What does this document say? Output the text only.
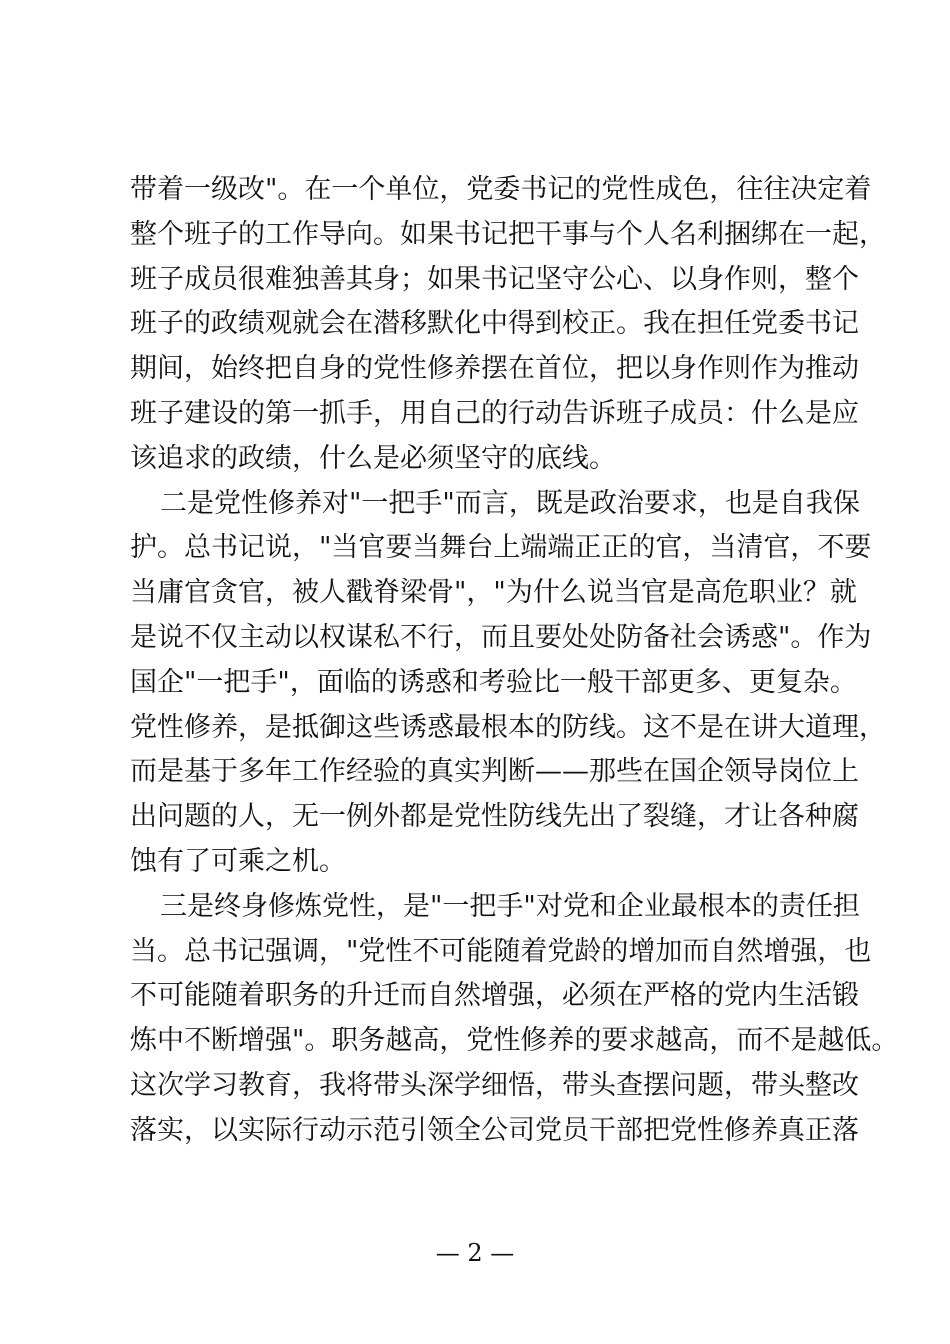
带着一级改"。在一个单位，党委书记的党性成色，往往决定着
整个班子的工作导向。如果书记把干事与个人名利捆绑在一起，
班子成员很难独善其身；如果书记坚守公心、以身作则，整个
班子的政绩观就会在潜移默化中得到校正。我在担任党委书记
期间，始终把自身的党性修养摆在首位，把以身作则作为推动
班子建设的第一抓手，用自己的行动告诉班子成员：什么是应
该追求的政绩，什么是必须坚守的底线。
二是党性修养对"一把手"而言，既是政治要求，也是自我保
护。总书记说，"当官要当舞台上端端正正的官，当清官，不要
当庸官贪官，被人戳脊梁骨"，"为什么说当官是高危职业？就
是说不仅主动以权谋私不行，而且要处处防备社会诱惑"。作为
国企"一把手"，面临的诱惑和考验比一般干部更多、更复杂。
党性修养，是抵御这些诱惑最根本的防线。这不是在讲大道理，
而是基于多年工作经验的真实判断——那些在国企领导岗位上
出问题的人，无一例外都是党性防线先出了裂缝，才让各种腐
蚀有了可乘之机。
三是终身修炼党性，是"一把手"对党和企业最根本的责任担
当。总书记强调，"党性不可能随着党龄的增加而自然增强，也
不可能随着职务的升迁而自然增强，必须在严格的党内生活锻
炼中不断增强"。职务越高，党性修养的要求越高，而不是越低。
这次学习教育，我将带头深学细悟，带头查摆问题，带头整改
落实，以实际行动示范引领全公司党员干部把党性修养真正落
— 2 —
